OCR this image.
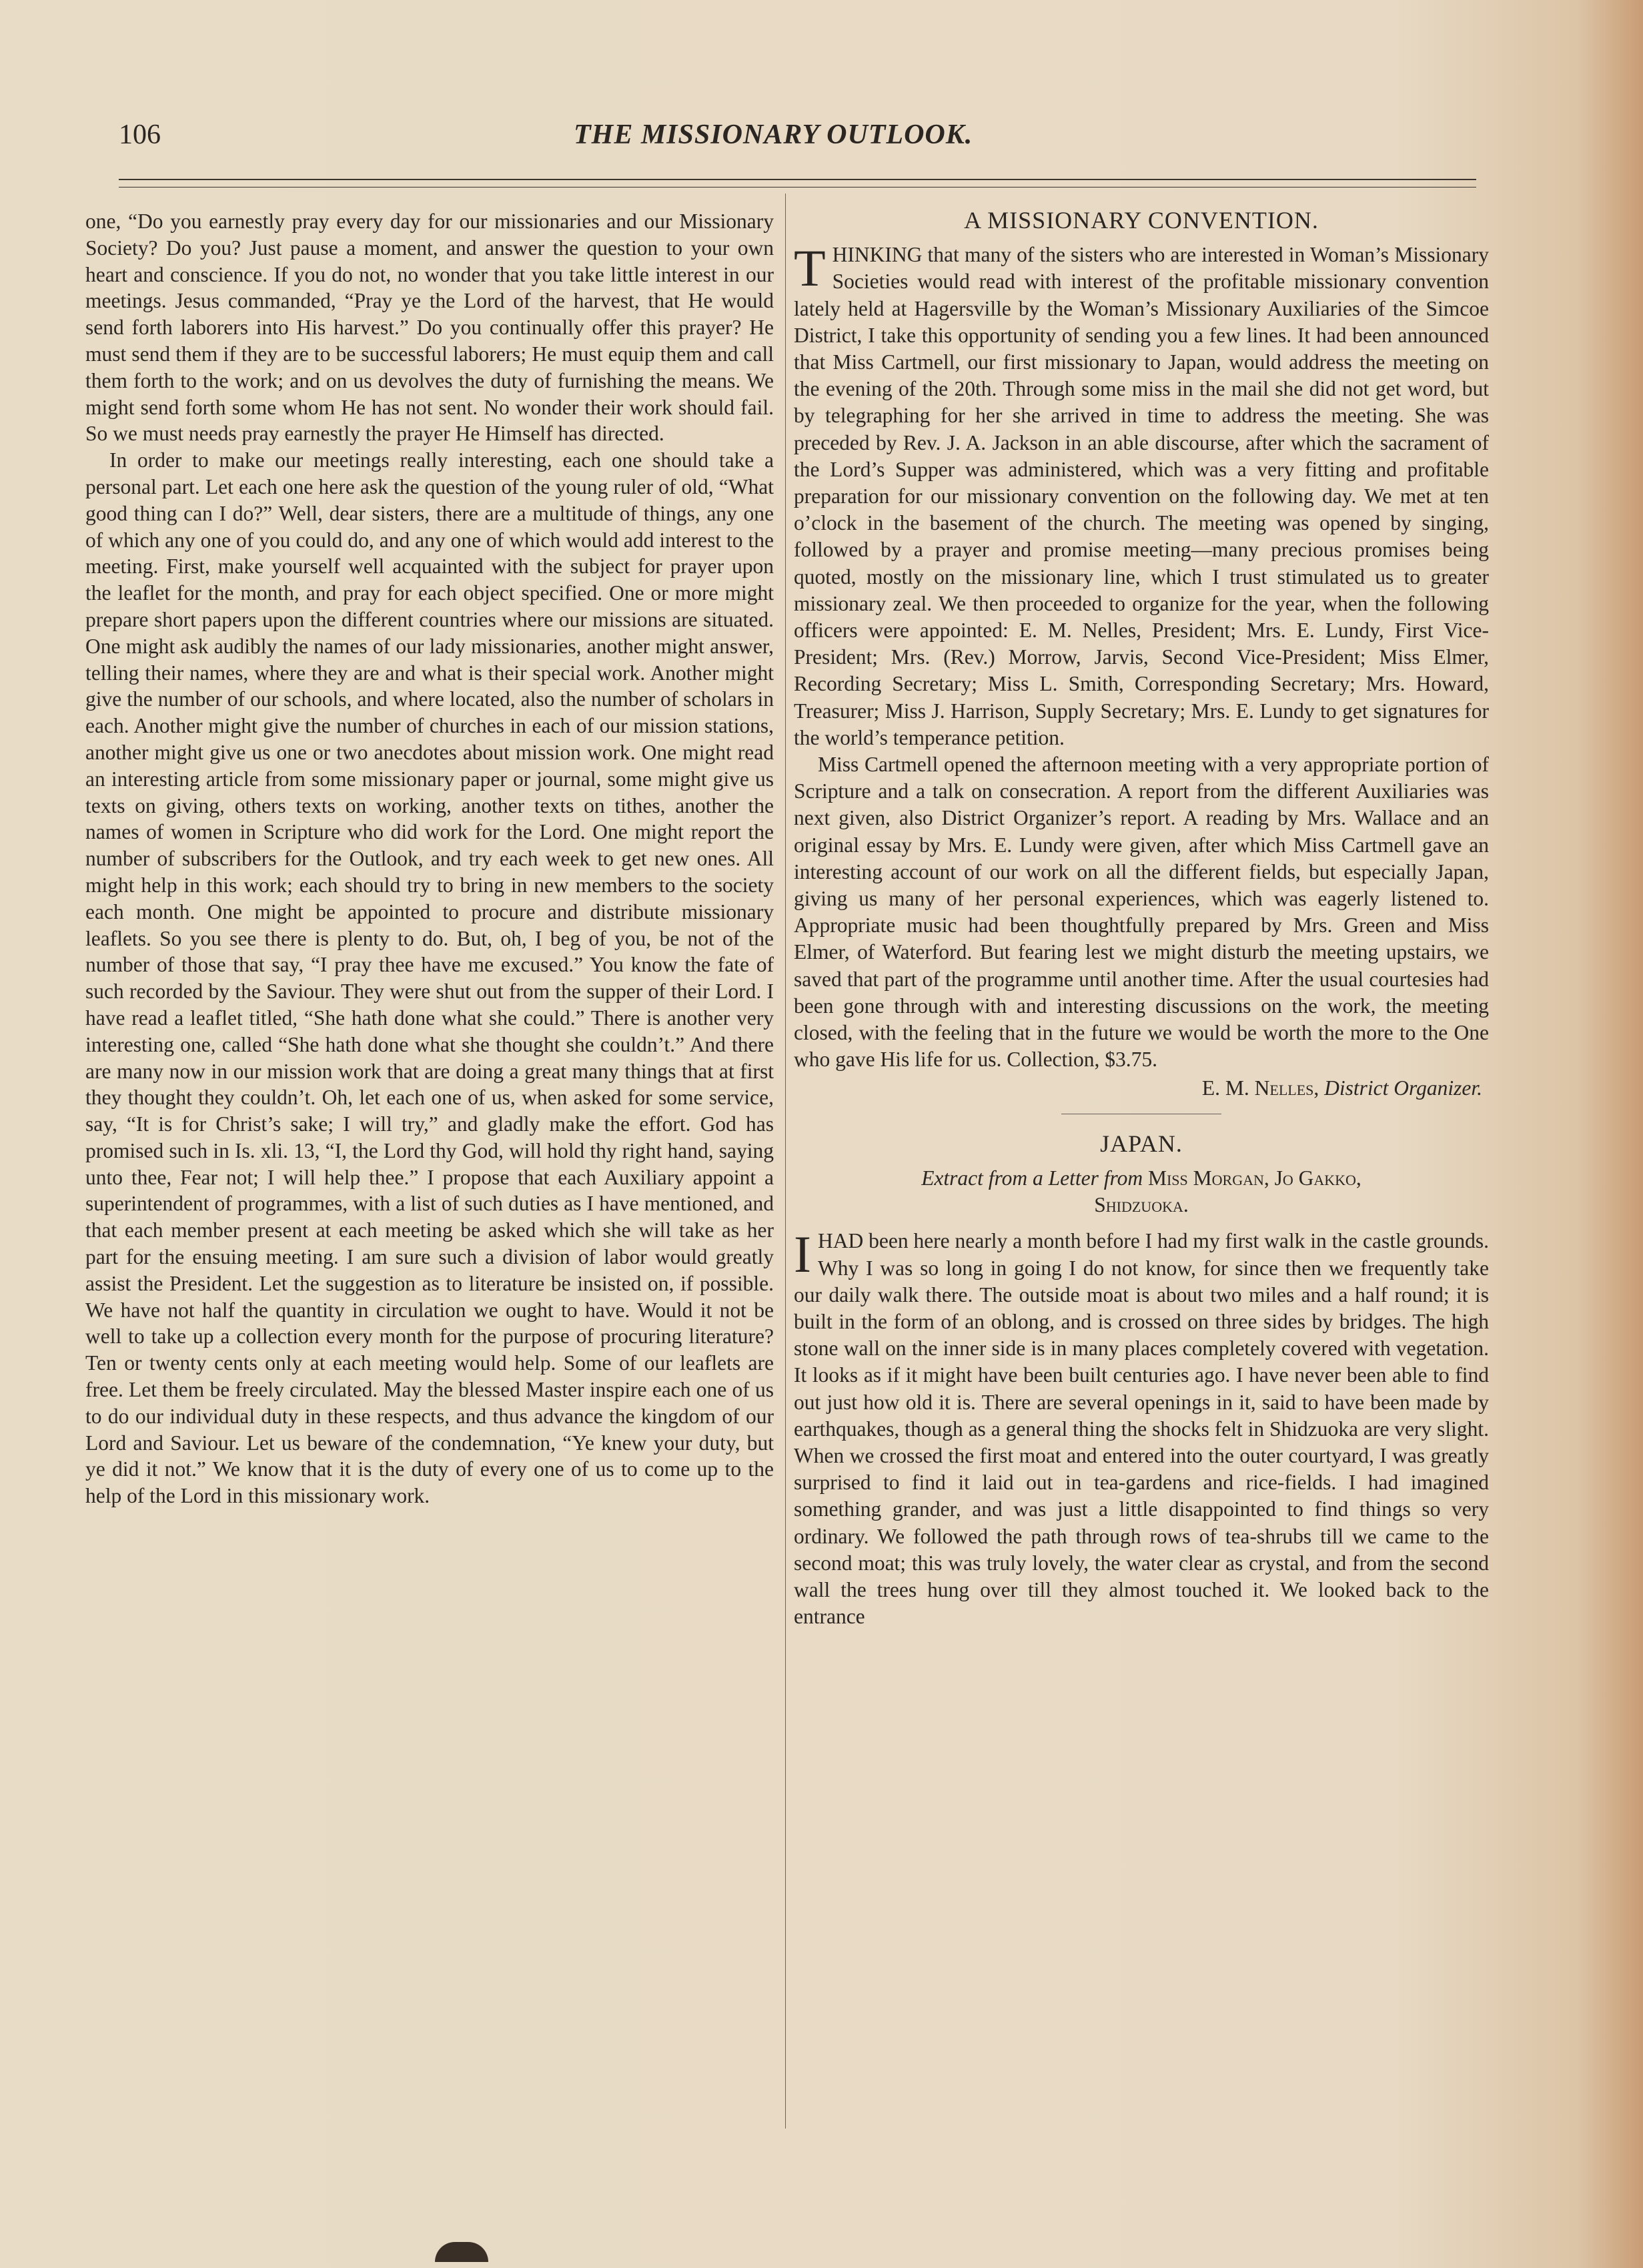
106	THE MISSIONARY OUTLOOK.

one, “Do you earnestly pray every day for our missionaries and our Missionary Society? Do you? Just pause a moment, and answer the question to your own heart and conscience. If you do not, no wonder that you take little interest in our meetings. Jesus commanded, “Pray ye the Lord of the harvest, that He would send forth laborers into His harvest.” Do you continually offer this prayer? He must send them if they are to be successful laborers; He must equip them and call them forth to the work; and on us devolves the duty of furnishing the means. We might send forth some whom He has not sent. No wonder their work should fail. So we must needs pray earnestly the prayer He Himself has directed.

In order to make our meetings really interesting, each one should take a personal part. Let each one here ask the question of the young ruler of old, “What good thing can I do?” Well, dear sisters, there are a multitude of things, any one of which any one of you could do, and any one of which would add interest to the meeting. First, make yourself well acquainted with the subject for prayer upon the leaflet for the month, and pray for each object specified. One or more might prepare short papers upon the different countries where our missions are situated. One might ask audibly the names of our lady missionaries, another might answer, telling their names, where they are and what is their special work. Another might give the number of our schools, and where located, also the number of scholars in each. Another might give the number of churches in each of our mission stations, another might give us one or two anecdotes about mission work. One might read an interesting article from some missionary paper or journal, some might give us texts on giving, others texts on working, another texts on tithes, another the names of women in Scripture who did work for the Lord. One might report the number of subscribers for the Outlook, and try each week to get new ones. All might help in this work; each should try to bring in new members to the society each month. One might be appointed to procure and distribute missionary leaflets. So you see there is plenty to do. But, oh, I beg of you, be not of the number of those that say, “I pray thee have me excused.” You know the fate of such recorded by the Saviour. They were shut out from the supper of their Lord. I have read a leaflet titled, “She hath done what she could.” There is another very interesting one, called “She hath done what she thought she couldn’t.” And there are many now in our mission work that are doing a great many things that at first they thought they couldn’t. Oh, let each one of us, when asked for some service, say, “It is for Christ’s sake; I will try,” and gladly make the effort. God has promised such in Is. xli. 13, “I, the Lord thy God, will hold thy right hand, saying unto thee, Fear not; I will help thee.” I propose that each Auxiliary appoint a superintendent of programmes, with a list of such duties as I have mentioned, and that each member present at each meeting be asked which she will take as her part for the ensuing meeting. I am sure such a division of labor would greatly assist the President. Let the suggestion as to literature be insisted on, if possible. We have not half the quantity in circulation we ought to have. Would it not be well to take up a collection every month for the purpose of procuring literature? Ten or twenty cents only at each meeting would help. Some of our leaflets are free. Let them be freely circulated. May the blessed Master inspire each one of us to do our individual duty in these respects, and thus advance the kingdom of our Lord and Saviour. Let us beware of the condemnation, “Ye knew your duty, but ye did it not.” We know that it is the duty of every one of us to come up to the help of the Lord in this missionary work.

A MISSIONARY CONVENTION.

THINKING that many of the sisters who are interested in Woman’s Missionary Societies would read with interest of the profitable missionary convention lately held at Hagersville by the Woman’s Missionary Auxiliaries of the Simcoe District, I take this opportunity of sending you a few lines. It had been announced that Miss Cartmell, our first missionary to Japan, would address the meeting on the evening of the 20th. Through some miss in the mail she did not get word, but by telegraphing for her she arrived in time to address the meeting. She was preceded by Rev. J. A. Jackson in an able discourse, after which the sacrament of the Lord’s Supper was administered, which was a very fitting and profitable preparation for our missionary convention on the following day. We met at ten o’clock in the basement of the church. The meeting was opened by singing, followed by a prayer and promise meeting—many precious promises being quoted, mostly on the missionary line, which I trust stimulated us to greater missionary zeal. We then proceeded to organize for the year, when the following officers were appointed: E. M. Nelles, President; Mrs. E. Lundy, First Vice-President; Mrs. (Rev.) Morrow, Jarvis, Second Vice-President; Miss Elmer, Recording Secretary; Miss L. Smith, Corresponding Secretary; Mrs. Howard, Treasurer; Miss J. Harrison, Supply Secretary; Mrs. E. Lundy to get signatures for the world’s temperance petition.

Miss Cartmell opened the afternoon meeting with a very appropriate portion of Scripture and a talk on consecration. A report from the different Auxiliaries was next given, also District Organizer’s report. A reading by Mrs. Wallace and an original essay by Mrs. E. Lundy were given, after which Miss Cartmell gave an interesting account of our work on all the different fields, but especially Japan, giving us many of her personal experiences, which was eagerly listened to. Appropriate music had been thoughtfully prepared by Mrs. Green and Miss Elmer, of Waterford. But fearing lest we might disturb the meeting upstairs, we saved that part of the programme until another time. After the usual courtesies had been gone through with and interesting discussions on the work, the meeting closed, with the feeling that in the future we would be worth the more to the One who gave His life for us. Collection, $3.75.

E. M. Nelles, District Organizer.
JAPAN.
Extract from a Letter from Miss Morgan, Jo Gakko,
Shidzuoka.

IHAD been here nearly a month before I had my first walk in the castle grounds. Why I was so long in going I do not know, for since then we frequently take our daily walk there. The outside moat is about two miles and a half round; it is built in the form of an oblong, and is crossed on three sides by bridges. The high stone wall on the inner side is in many places completely covered with vegetation. It looks as if it might have been built centuries ago. I have never been able to find out just how old it is. There are several openings in it, said to have been made by earthquakes, though as a general thing the shocks felt in Shidzuoka are very slight. When we crossed the first moat and entered into the outer courtyard, I was greatly surprised to find it laid out in tea-gardens and rice-fields. I had imagined something grander, and was just a little disappointed to find things so very ordinary. We followed the path through rows of tea-shrubs till we came to the second moat; this was truly lovely, the water clear as crystal, and from the second wall the trees hung over till they almost touched it. We looked back to the entrance
